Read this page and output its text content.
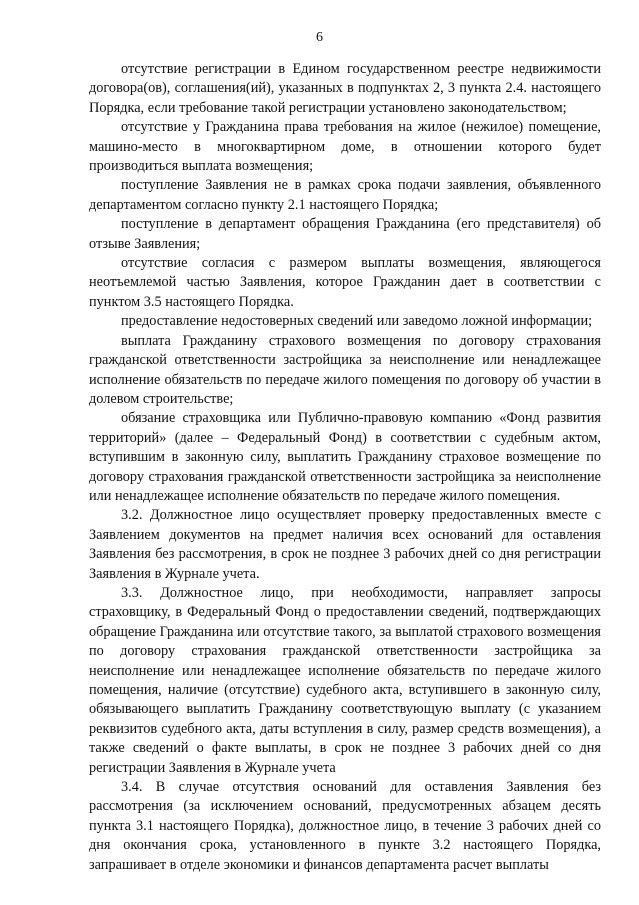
6

отсутствие регистрации в Едином государственном реестре недвижимости договора(ов), соглашения(ий), указанных в подпунктах 2, 3 пункта 2.4. настоящего Порядка, если требование такой регистрации установлено законодательством;

отсутствие у Гражданина права требования на жилое (нежилое) помещение, машино-место в многоквартирном доме, в отношении которого будет производиться выплата возмещения;

поступление Заявления не в рамках срока подачи заявления, объявленного департаментом согласно пункту 2.1 настоящего Порядка;

поступление в департамент обращения Гражданина (его представителя) об отзыве Заявления;

отсутствие согласия с размером выплаты возмещения, являющегося неотъемлемой частью Заявления, которое Гражданин дает в соответствии с пунктом 3.5 настоящего Порядка.

предоставление недостоверных сведений или заведомо ложной информации;

выплата Гражданину страхового возмещения по договору страхования гражданской ответственности застройщика за неисполнение или ненадлежащее исполнение обязательств по передаче жилого помещения по договору об участии в долевом строительстве;

обязание страховщика или Публично-правовую компанию «Фонд развития территорий» (далее – Федеральный Фонд) в соответствии с судебным актом, вступившим в законную силу, выплатить Гражданину страховое возмещение по договору страхования гражданской ответственности застройщика за неисполнение или ненадлежащее исполнение обязательств по передаче жилого помещения.

3.2. Должностное лицо осуществляет проверку предоставленных вместе с Заявлением документов на предмет наличия всех оснований для оставления Заявления без рассмотрения, в срок не позднее 3 рабочих дней со дня регистрации Заявления в Журнале учета.

3.3. Должностное лицо, при необходимости, направляет запросы страховщику, в Федеральный Фонд о предоставлении сведений, подтверждающих обращение Гражданина или отсутствие такого, за выплатой страхового возмещения по договору страхования гражданской ответственности застройщика за неисполнение или ненадлежащее исполнение обязательств по передаче жилого помещения, наличие (отсутствие) судебного акта, вступившего в законную силу, обязывающего выплатить Гражданину соответствующую выплату (с указанием реквизитов судебного акта, даты вступления в силу, размер средств возмещения), а также сведений о факте выплаты, в срок не позднее 3 рабочих дней со дня регистрации Заявления в Журнале учета

3.4. В случае отсутствия оснований для оставления Заявления без рассмотрения (за исключением оснований, предусмотренных абзацем десять пункта 3.1 настоящего Порядка), должностное лицо, в течение 3 рабочих дней со дня окончания срока, установленного в пункте 3.2 настоящего Порядка, запрашивает в отделе экономики и финансов департамента расчет выплаты
